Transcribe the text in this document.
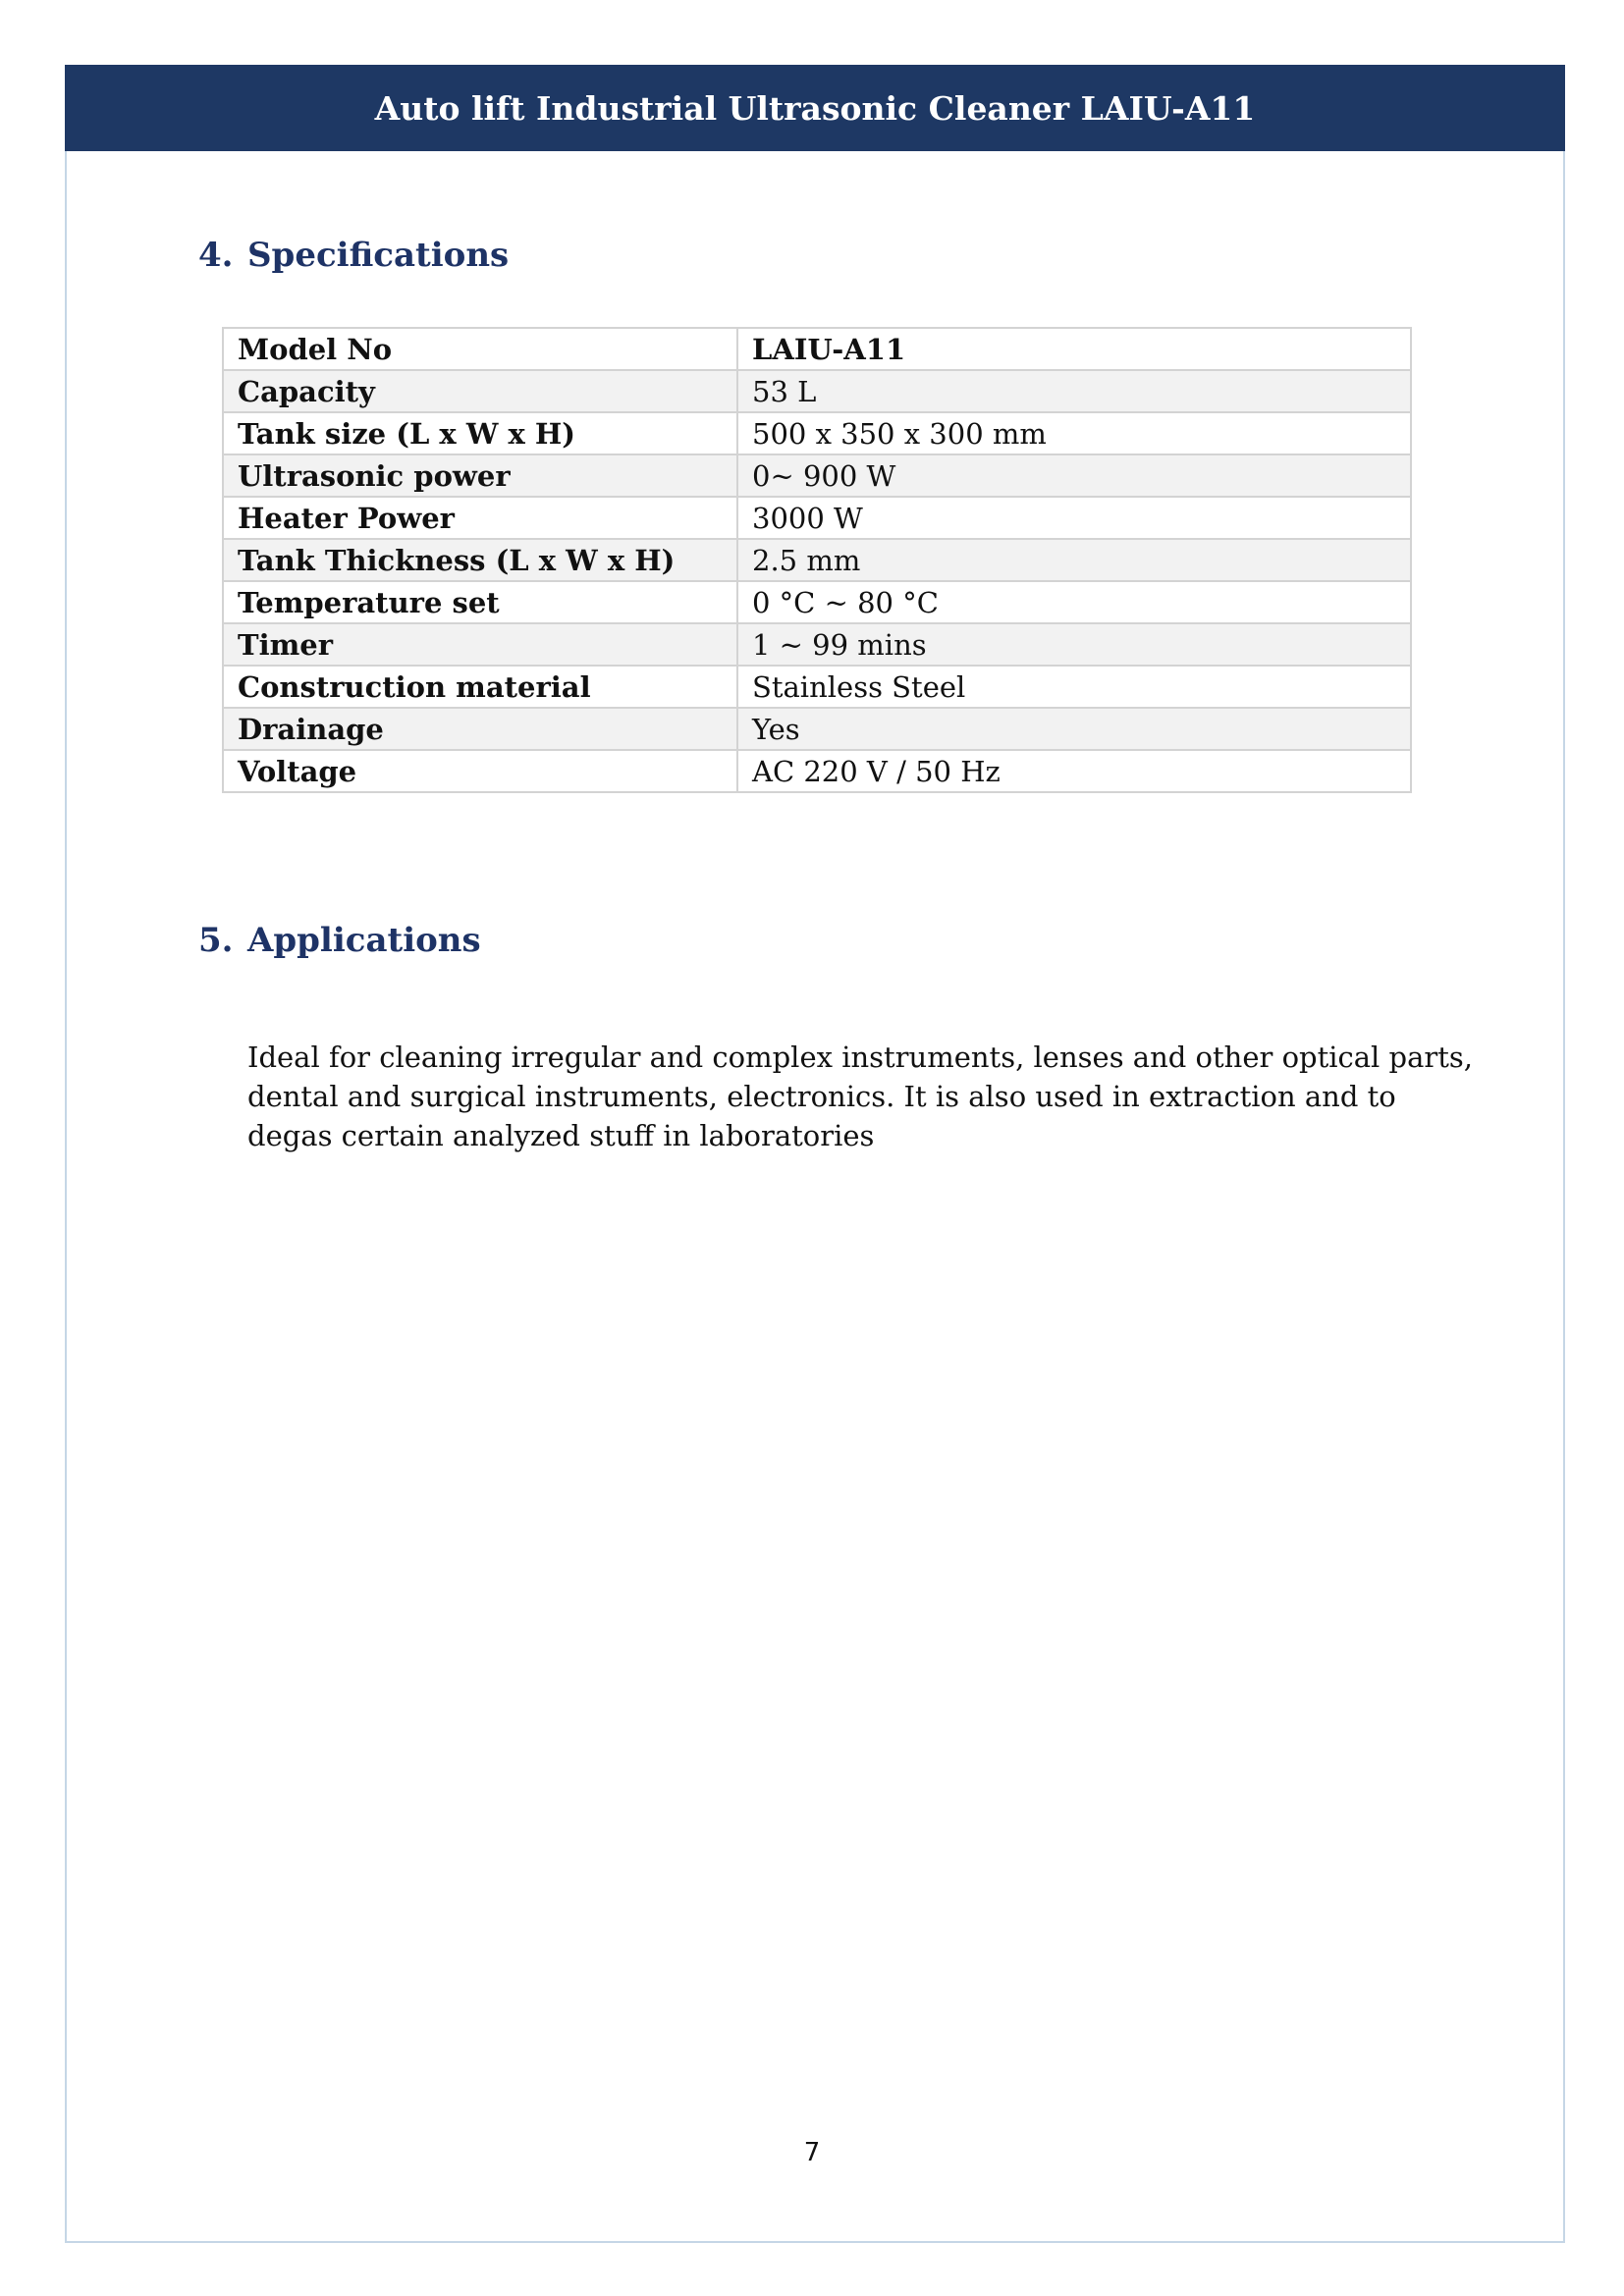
Auto lift Industrial Ultrasonic Cleaner LAIU-A11
4. Specifications
Model No	LAIU-A11
Capacity	53 L
Tank size (L x W x H)	500 x 350 x 300 mm
Ultrasonic power	0~ 900 W
Heater Power	3000 W
Tank Thickness (L x W x H)	2.5 mm
Temperature set	0 °C ~ 80 °C
Timer	1 ~ 99 mins
Construction material	Stainless Steel
Drainage	Yes
Voltage	AC 220 V / 50 Hz
5. Applications

Ideal for cleaning irregular and complex instruments, lenses and other optical parts, dental and surgical instruments, electronics. It is also used in extraction and to degas certain analyzed stuff in laboratories

7
